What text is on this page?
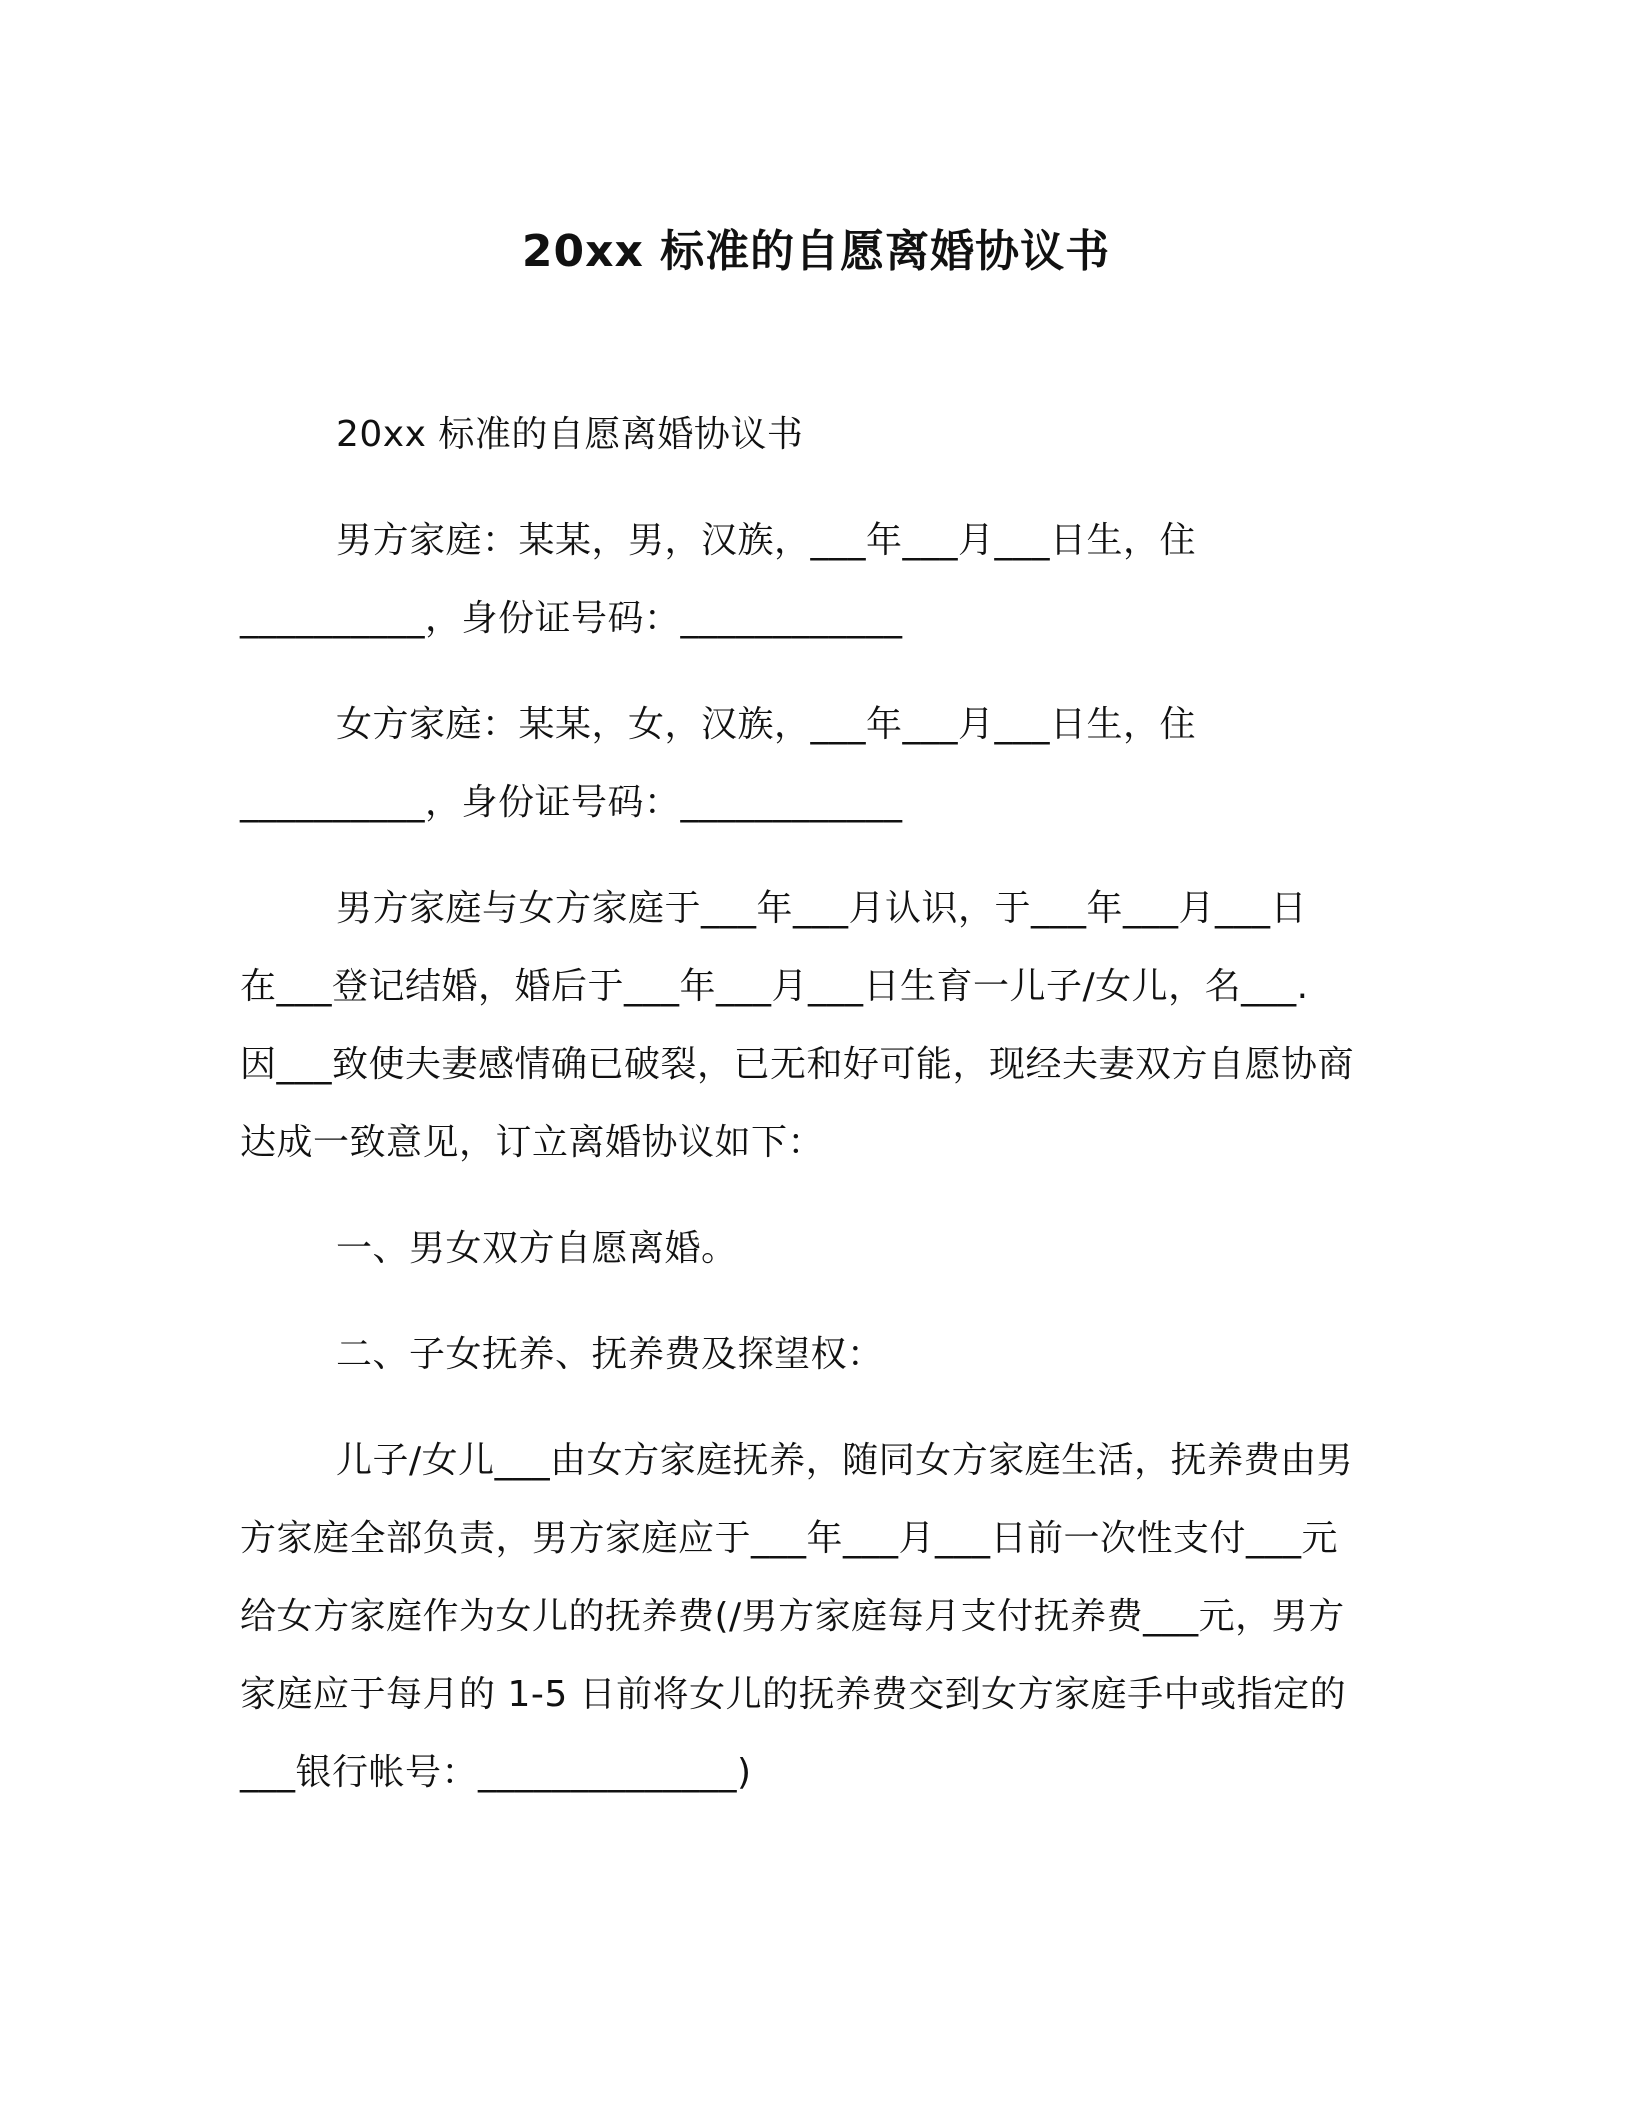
20xx 标准的自愿离婚协议书
20xx 标准的自愿离婚协议书
男方家庭：某某，男，汉族，___年___月___日生，住
__________，身份证号码：____________
女方家庭：某某，女，汉族，___年___月___日生，住
__________，身份证号码：____________
男方家庭与女方家庭于___年___月认识，于___年___月___日
在___登记结婚，婚后于___年___月___日生育一儿子/女儿，名___.
因___致使夫妻感情确已破裂，已无和好可能，现经夫妻双方自愿协商
达成一致意见，订立离婚协议如下：
一、男女双方自愿离婚。
二、子女抚养、抚养费及探望权：
儿子/女儿___由女方家庭抚养，随同女方家庭生活，抚养费由男
方家庭全部负责，男方家庭应于___年___月___日前一次性支付___元
给女方家庭作为女儿的抚养费(/男方家庭每月支付抚养费___元，男方
家庭应于每月的 1-5 日前将女儿的抚养费交到女方家庭手中或指定的
___银行帐号：______________)
